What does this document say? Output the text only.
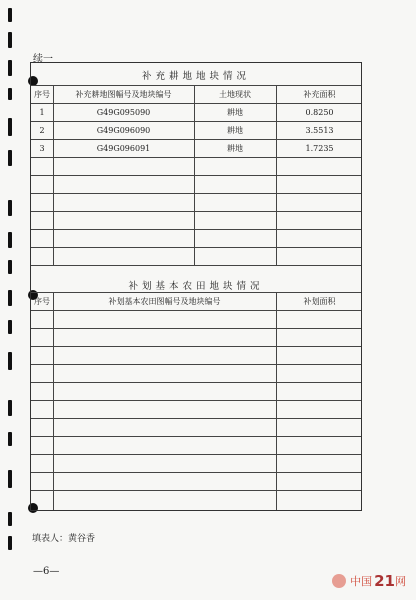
续一
补充耕地地块情况
序号	补充耕地图幅号及地块编号	土地现状	补充面积
1	G49G095090	耕地	0.8250
2	G49G096090	耕地	3.5513
3	G49G096091	耕地	1.7235
补划基本农田地块情况
序号	补划基本农田图幅号及地块编号	补划面积
填表人：黄谷香
—6—
中国 21 网
